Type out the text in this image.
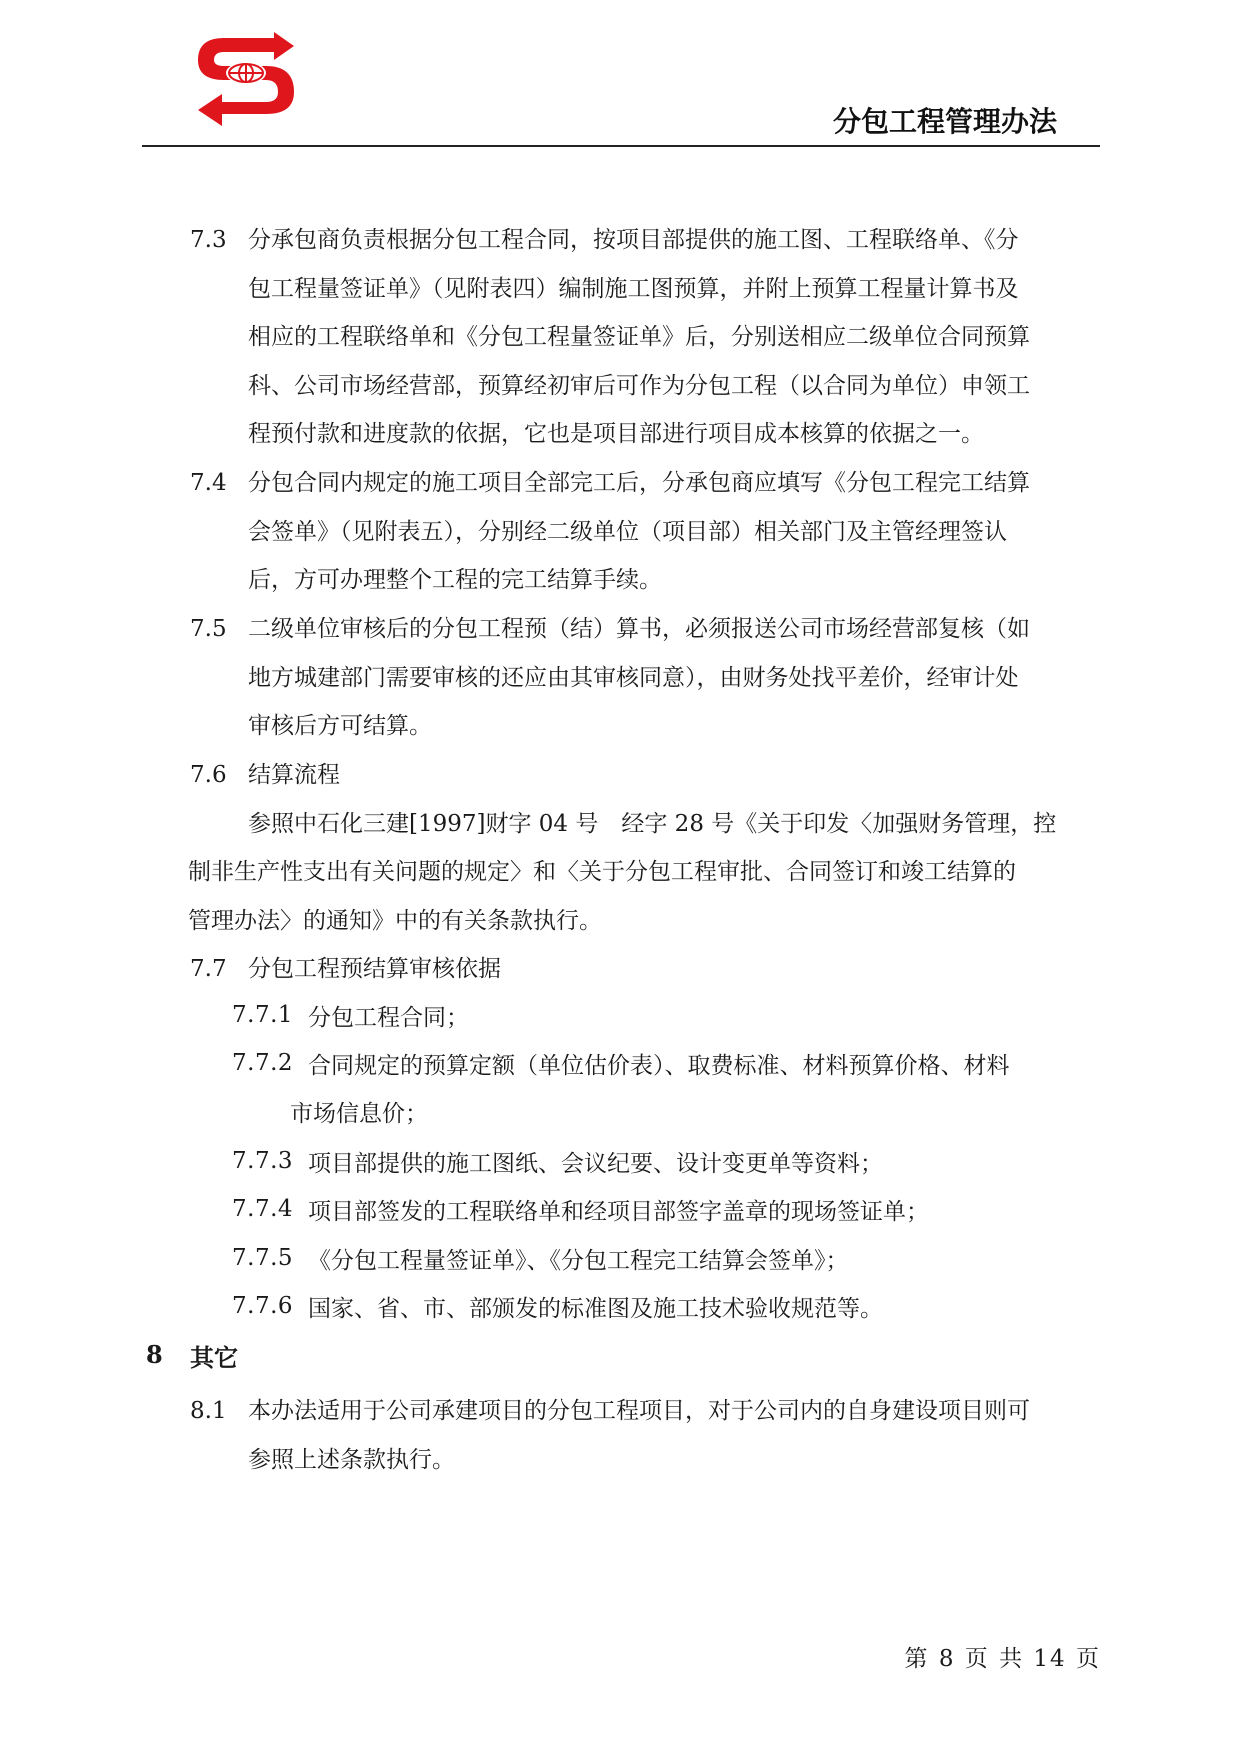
分包工程管理办法
7.3 分承包商负责根据分包工程合同，按项目部提供的施工图、工程联络单、《分
包工程量签证单》（见附表四）编制施工图预算，并附上预算工程量计算书及
相应的工程联络单和《分包工程量签证单》后，分别送相应二级单位合同预算
科、公司市场经营部，预算经初审后可作为分包工程（以合同为单位）申领工
程预付款和进度款的依据，它也是项目部进行项目成本核算的依据之一。
7.4 分包合同内规定的施工项目全部完工后，分承包商应填写《分包工程完工结算
会签单》（见附表五），分别经二级单位（项目部）相关部门及主管经理签认
后，方可办理整个工程的完工结算手续。
7.5 二级单位审核后的分包工程预（结）算书，必须报送公司市场经营部复核（如
地方城建部门需要审核的还应由其审核同意），由财务处找平差价，经审计处
审核后方可结算。
7.6 结算流程
参照中石化三建[1997]财字 04 号　经字 28 号《关于印发〈加强财务管理，控
制非生产性支出有关问题的规定〉和〈关于分包工程审批、合同签订和竣工结算的
管理办法〉的通知》中的有关条款执行。
7.7 分包工程预结算审核依据
7.7.1 分包工程合同；
7.7.2 合同规定的预算定额（单位估价表）、取费标准、材料预算价格、材料
市场信息价；
7.7.3 项目部提供的施工图纸、会议纪要、设计变更单等资料；
7.7.4 项目部签发的工程联络单和经项目部签字盖章的现场签证单；
7.7.5 《分包工程量签证单》、《分包工程完工结算会签单》；
7.7.6 国家、省、市、部颁发的标准图及施工技术验收规范等。
8 其它
8.1 本办法适用于公司承建项目的分包工程项目，对于公司内的自身建设项目则可
参照上述条款执行。
第 8 页 共 14 页
